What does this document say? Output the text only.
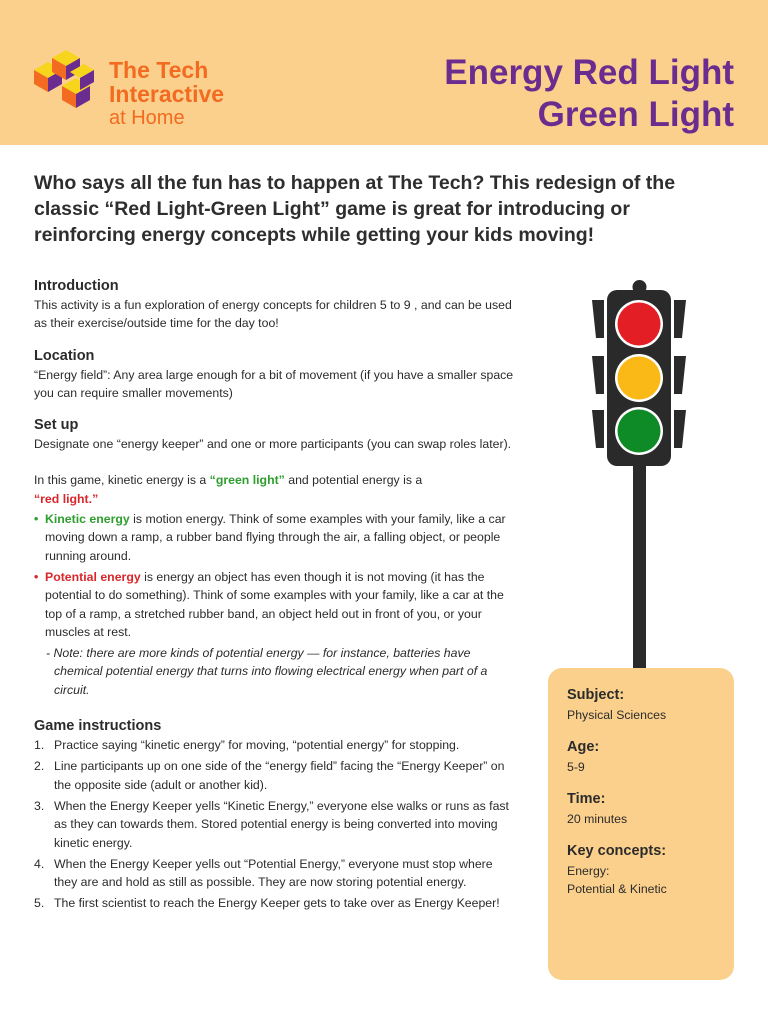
The Tech
Interactive
at Home
Energy Red Light
Green Light

Who says all the fun has to happen at The Tech? This redesign of the classic “Red Light-Green Light” game is great for introducing or reinforcing energy concepts while getting your kids moving!

Introduction

This activity is a fun exploration of energy concepts for children 5 to 9 , and can be used as their exercise/outside time for the day too!

Location

“Energy field”: Any area large enough for a bit of movement (if you have a smaller space you can require smaller movements)

Set up

Designate one “energy keeper” and one or more participants (you can swap roles later).

In this game, kinetic energy is a “green light” and potential energy is a
“red light.”

• Kinetic energy is motion energy. Think of some examples with your family, like a car moving down a ramp, a rubber band flying through the air, a falling object, or people running around.
• Potential energy is energy an object has even though it is not moving (it has the potential to do something). Think of some examples with your family, like a car at the top of a ramp, a stretched rubber band, an object held out in front of you, or your muscles at rest.

- Note: there are more kinds of potential energy — for instance, batteries have chemical potential energy that turns into flowing electrical energy when part of a circuit.

Game instructions
1. Practice saying “kinetic energy” for moving, “potential energy” for stopping.
2. Line participants up on one side of the “energy field” facing the “Energy Keeper” on the opposite side (adult or another kid).
3. When the Energy Keeper yells “Kinetic Energy,” everyone else walks or runs as fast as they can towards them. Stored potential energy is being converted into moving kinetic energy.
4. When the Energy Keeper yells out “Potential Energy,” everyone must stop where they are and hold as still as possible. They are now storing potential energy.
5. The first scientist to reach the Energy Keeper gets to take over as Energy Keeper!
Subject:
Physical Sciences
Age:
5-9
Time:
20 minutes
Key concepts:
Energy:
Potential & Kinetic
